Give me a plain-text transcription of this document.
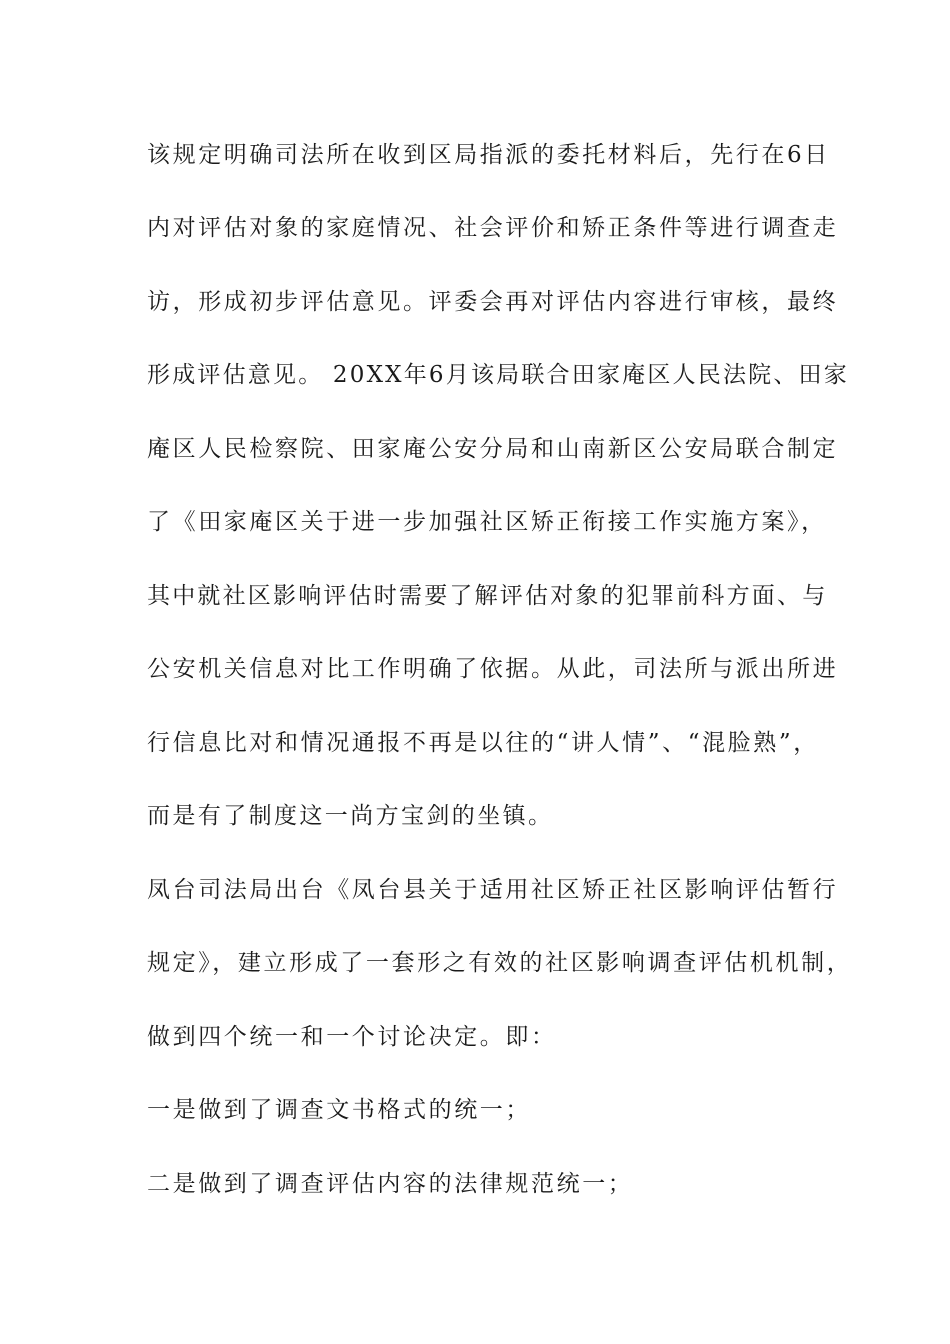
该规定明确司法所在收到区局指派的委托材料后，先行在6日
内对评估对象的家庭情况、社会评价和矫正条件等进行调查走
访，形成初步评估意见。评委会再对评估内容进行审核，最终
形成评估意见。 20XX年6月该局联合田家庵区人民法院、田家
庵区人民检察院、田家庵公安分局和山南新区公安局联合制定
了《田家庵区关于进一步加强社区矫正衔接工作实施方案》，
其中就社区影响评估时需要了解评估对象的犯罪前科方面、与
公安机关信息对比工作明确了依据。从此，司法所与派出所进
行信息比对和情况通报不再是以往的“讲人情”、“混脸熟”，
而是有了制度这一尚方宝剑的坐镇。
凤台司法局出台《凤台县关于适用社区矫正社区影响评估暂行
规定》，建立形成了一套形之有效的社区影响调查评估机机制，
做到四个统一和一个讨论决定。即：
一是做到了调查文书格式的统一；
二是做到了调查评估内容的法律规范统一；
